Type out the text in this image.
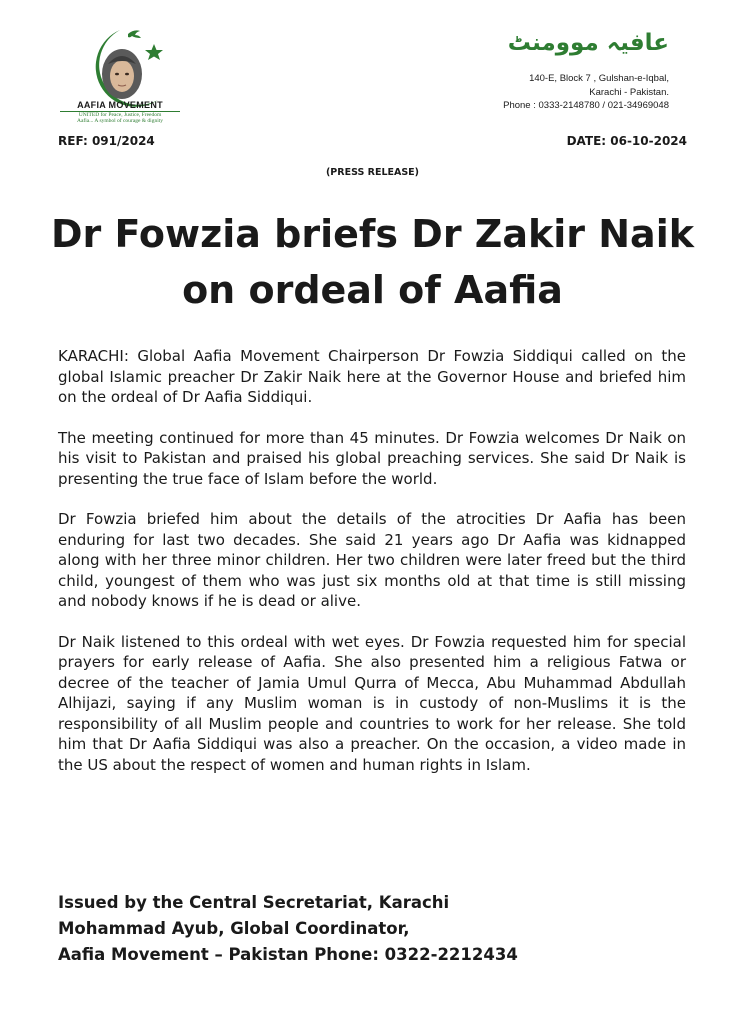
AAFIA MOVEMENT
UNITED for Peace, Justice, Freedom
Aafia... A symbol of courage & dignity
عافیہ موومنٹ
140-E, Block 7 , Gulshan-e-Iqbal,
Karachi - Pakistan.
Phone : 0333-2148780 / 021-34969048
REF: 091/2024	DATE: 06-10-2024
(PRESS RELEASE)
Dr Fowzia briefs Dr Zakir Naik
on ordeal of Aafia

KARACHI: Global Aafia Movement Chairperson Dr Fowzia Siddiqui called on the global Islamic preacher Dr Zakir Naik here at the Governor House and briefed him on the ordeal of Dr Aafia Siddiqui.

The meeting continued for more than 45 minutes. Dr Fowzia welcomes Dr Naik on his visit to Pakistan and praised his global preaching services. She said Dr Naik is presenting the true face of Islam before the world.

Dr Fowzia briefed him about the details of the atrocities Dr Aafia has been enduring for last two decades. She said 21 years ago Dr Aafia was kidnapped along with her three minor children. Her two children were later freed but the third child, youngest of them who was just six months old at that time is still missing and nobody knows if he is dead or alive.

Dr Naik listened to this ordeal with wet eyes. Dr Fowzia requested him for special prayers for early release of Aafia. She also presented him a religious Fatwa or decree of the teacher of Jamia Umul Qurra of Mecca, Abu Muhammad Abdullah Alhijazi, saying if any Muslim woman is in custody of non-Muslims it is the responsibility of all Muslim people and countries to work for her release. She told him that Dr Aafia Siddiqui was also a preacher. On the occasion, a video made in the US about the respect of women and human rights in Islam.

Issued by the Central Secretariat, Karachi
Mohammad Ayub, Global Coordinator,
Aafia Movement – Pakistan Phone: 0322-2212434
